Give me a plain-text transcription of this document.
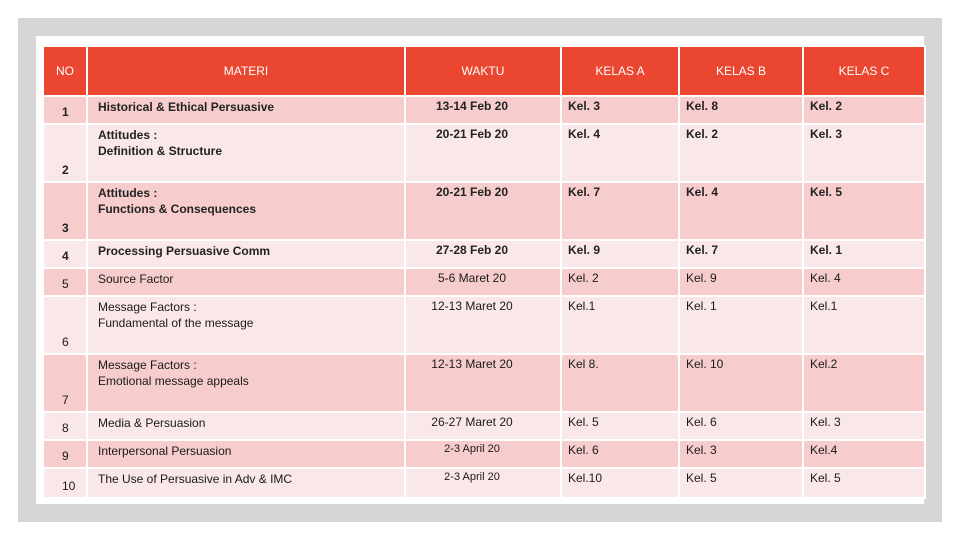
NO	MATERI	WAKTU	KELAS A	KELAS B	KELAS C
1	Historical & Ethical Persuasive	13-14 Feb 20	Kel. 3	Kel. 8	Kel. 2
2	Attitudes :
Definition & Structure	20-21 Feb 20	Kel. 4	Kel. 2	Kel. 3
3	Attitudes :
Functions & Consequences	20-21 Feb 20	Kel. 7	Kel. 4	Kel. 5
4	Processing Persuasive Comm	27-28 Feb 20	Kel. 9	Kel. 7	Kel. 1
5	Source Factor	5-6 Maret 20	Kel. 2	Kel. 9	Kel. 4
6	Message Factors :
Fundamental of the message	12-13 Maret 20	Kel.1	Kel. 1	Kel.1
7	Message Factors :
Emotional message appeals	12-13 Maret 20	Kel 8.	Kel. 10	Kel.2
8	Media & Persuasion	26-27 Maret 20	Kel. 5	Kel. 6	Kel. 3
9	Interpersonal Persuasion	2-3 April 20	Kel. 6	Kel. 3	Kel.4
10	The Use of Persuasive in Adv & IMC	2-3 April 20	Kel.10	Kel. 5	Kel. 5
